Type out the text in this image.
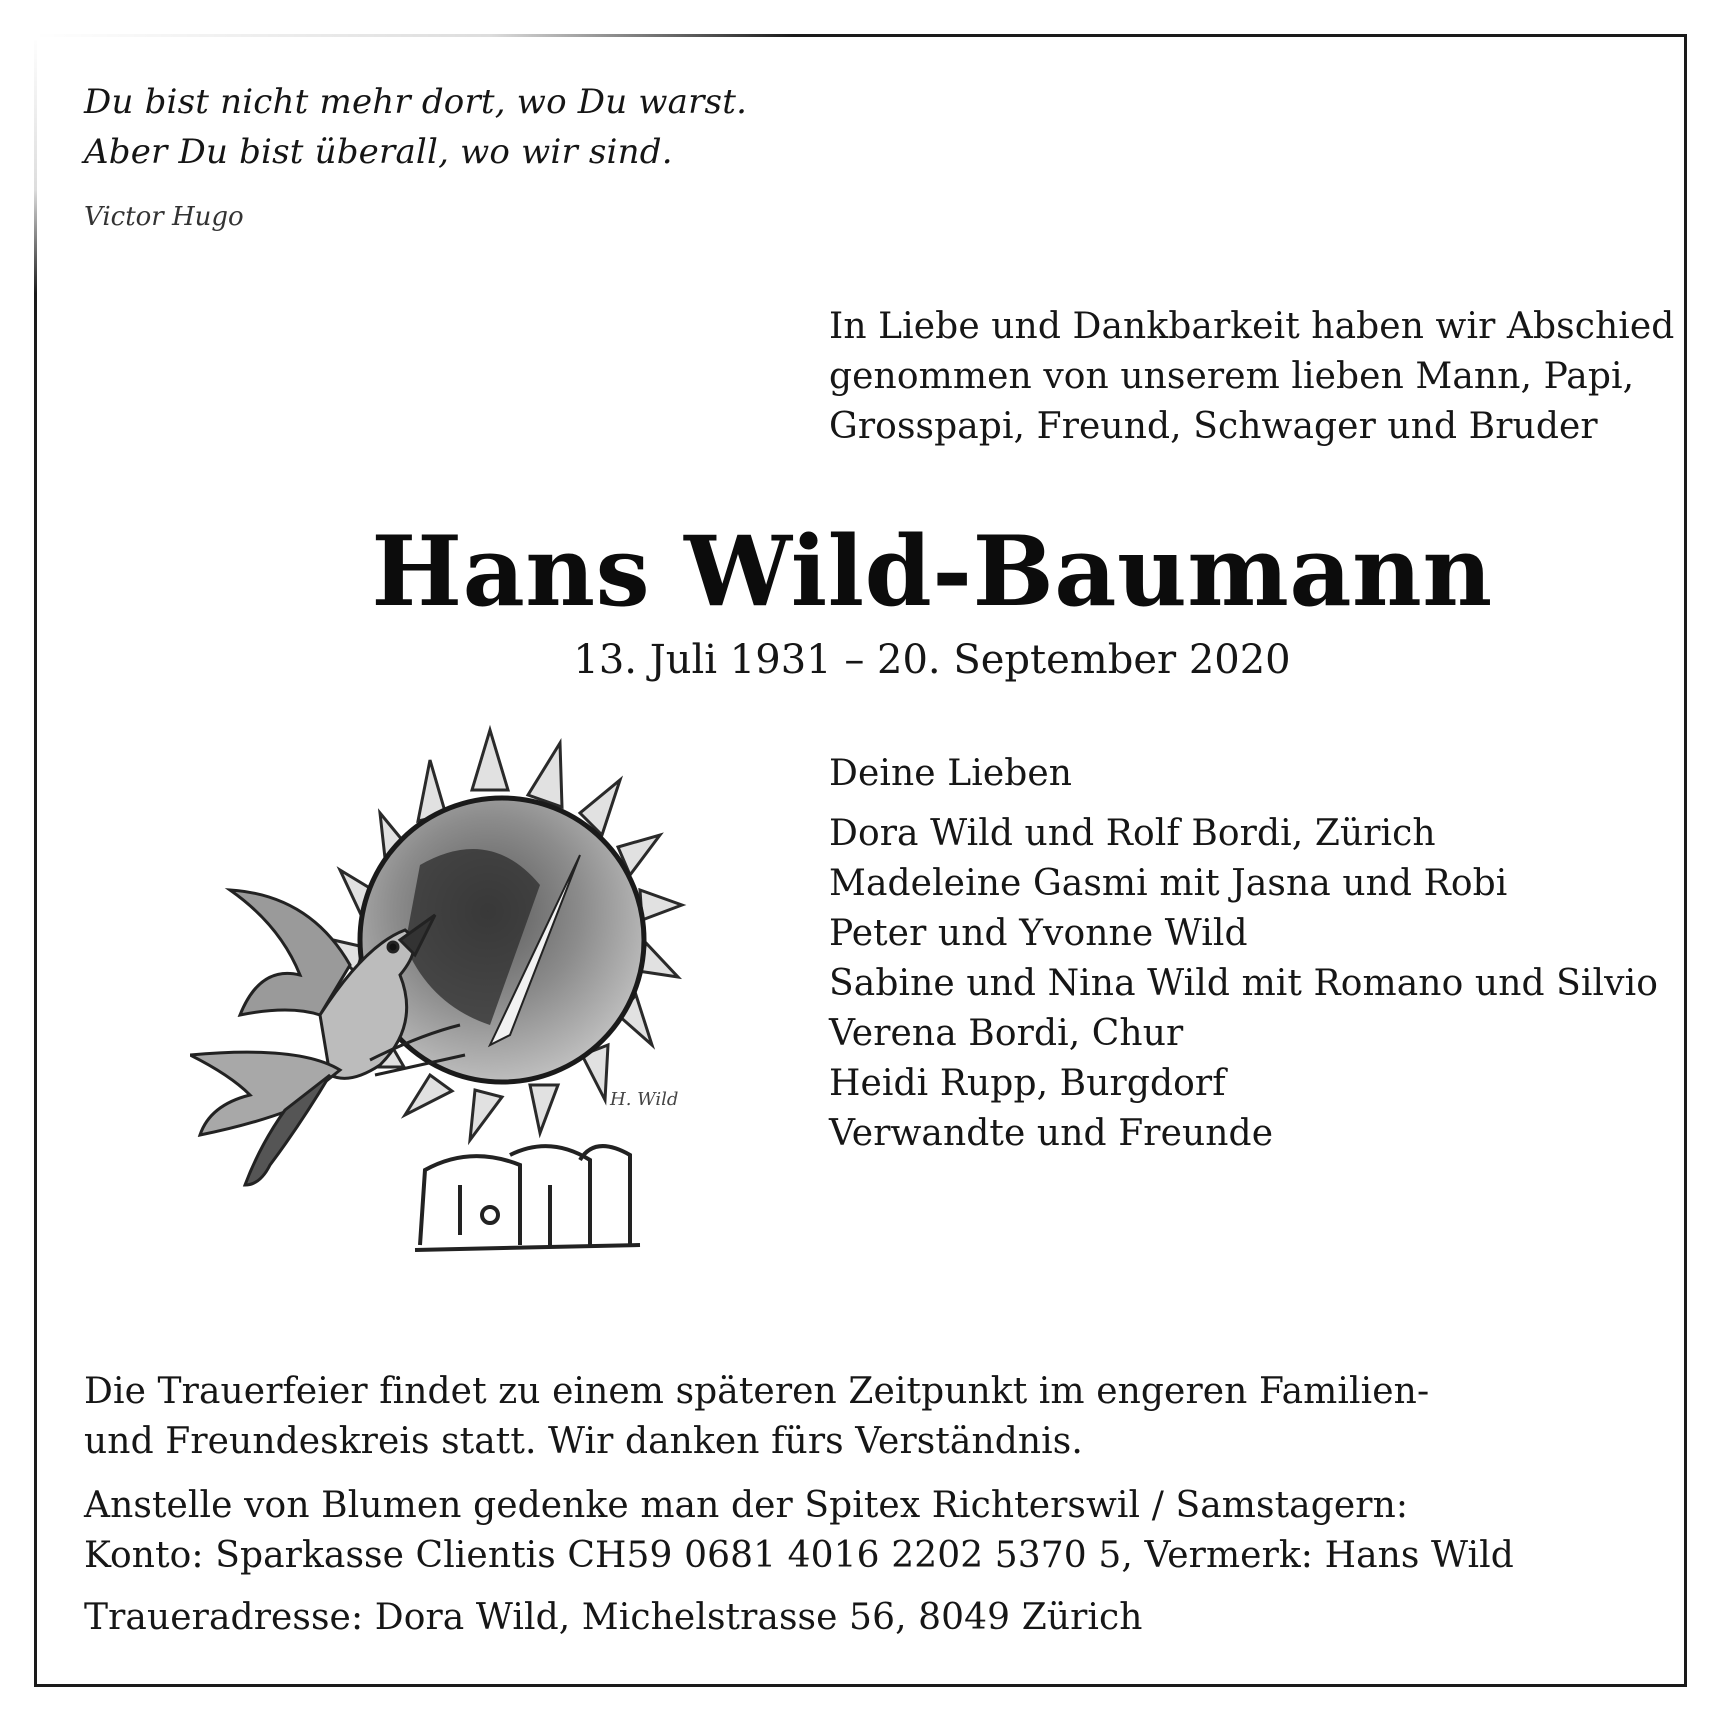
Du bist nicht mehr dort, wo Du warst.
Aber Du bist überall, wo wir sind.
Victor Hugo
In Liebe und Dankbarkeit haben wir Abschied
genommen von unserem lieben Mann, Papi,
Grosspapi, Freund, Schwager und Bruder
Hans Wild-Baumann
13. Juli 1931 – 20. September 2020
H. Wild
Deine Lieben
Dora Wild und Rolf Bordi, Zürich
Madeleine Gasmi mit Jasna und Robi
Peter und Yvonne Wild
Sabine und Nina Wild mit Romano und Silvio
Verena Bordi, Chur
Heidi Rupp, Burgdorf
Verwandte und Freunde
Die Trauerfeier findet zu einem späteren Zeitpunkt im engeren Familien-
und Freundeskreis statt. Wir danken fürs Verständnis.
Anstelle von Blumen gedenke man der Spitex Richterswil / Samstagern:
Konto: Sparkasse Clientis CH59 0681 4016 2202 5370 5, Vermerk: Hans Wild
Traueradresse: Dora Wild, Michelstrasse 56, 8049 Zürich
